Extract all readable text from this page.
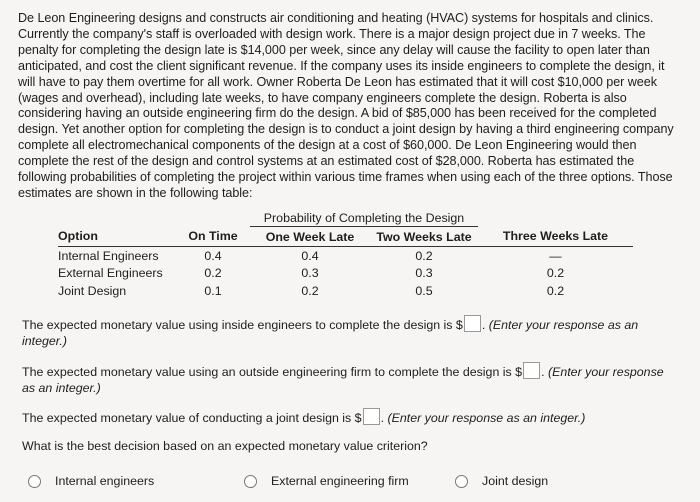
De Leon Engineering designs and constructs air conditioning and heating (HVAC) systems for hospitals and clinics. Currently the company's staff is overloaded with design work. There is a major design project due in 7 weeks. The penalty for completing the design late is $14,000 per week, since any delay will cause the facility to open later than anticipated, and cost the client significant revenue. If the company uses its inside engineers to complete the design, it will have to pay them overtime for all work. Owner Roberta De Leon has estimated that it will cost $10,000 per week (wages and overhead), including late weeks, to have company engineers complete the design. Roberta is also considering having an outside engineering firm do the design. A bid of $85,000 has been received for the completed design. Yet another option for completing the design is to conduct a joint design by having a third engineering company complete all electromechanical components of the design at a cost of $60,000. De Leon Engineering would then complete the rest of the design and control systems at an estimated cost of $28,000. Roberta has estimated the following probabilities of completing the project within various time frames when using each of the three options. Those estimates are shown in the following table:
		Probability of Completing the Design		
Option	On Time	One Week Late	Two Weeks Late	Three Weeks Late
Internal Engineers	0.4	0.4	0.2	—
External Engineers	0.2	0.3	0.3	0.2
Joint Design	0.1	0.2	0.5	0.2
The expected monetary value using inside engineers to complete the design is $ . (Enter your response as an integer.)
The expected monetary value using an outside engineering firm to complete the design is $ . (Enter your response as an integer.)
The expected monetary value of conducting a joint design is $ . (Enter your response as an integer.)
What is the best decision based on an expected monetary value criterion?
Internal engineers	External engineering firm	Joint design
